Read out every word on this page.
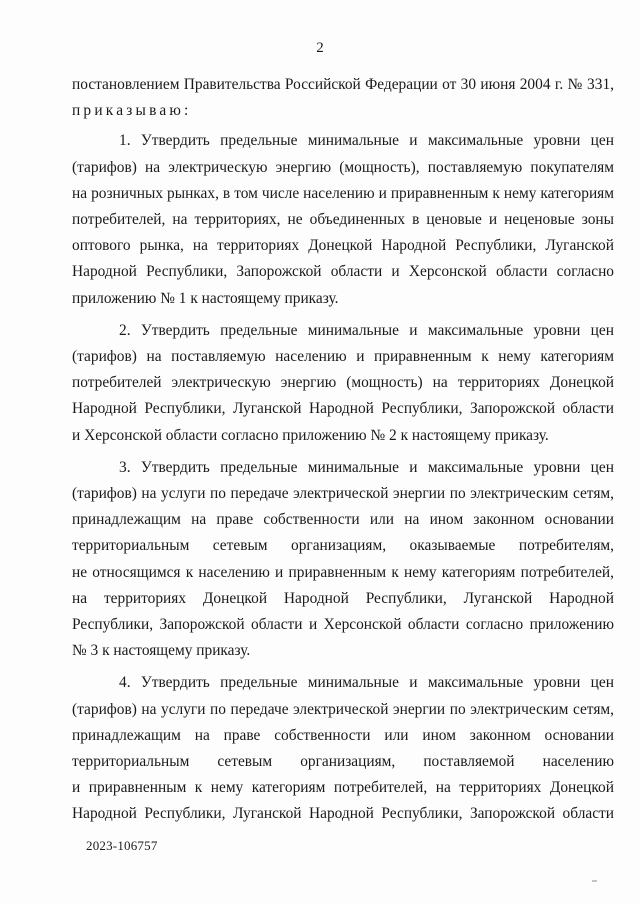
2
постановлением Правительства Российской Федерации от 30 июня 2004 г. № 331,
приказываю:
1. Утвердить предельные минимальные и максимальные уровни цен
(тарифов) на электрическую энергию (мощность), поставляемую покупателям
на розничных рынках, в том числе населению и приравненным к нему категориям
потребителей, на территориях, не объединенных в ценовые и неценовые зоны
оптового рынка, на территориях Донецкой Народной Республики, Луганской
Народной Республики, Запорожской области и Херсонской области согласно
приложению № 1 к настоящему приказу.
2. Утвердить предельные минимальные и максимальные уровни цен
(тарифов) на поставляемую населению и приравненным к нему категориям
потребителей электрическую энергию (мощность) на территориях Донецкой
Народной Республики, Луганской Народной Республики, Запорожской области
и Херсонской области согласно приложению № 2 к настоящему приказу.
3. Утвердить предельные минимальные и максимальные уровни цен
(тарифов) на услуги по передаче электрической энергии по электрическим сетям,
принадлежащим на праве собственности или на ином законном основании
территориальным сетевым организациям, оказываемые потребителям,
не относящимся к населению и приравненным к нему категориям потребителей,
на территориях Донецкой Народной Республики, Луганской Народной
Республики, Запорожской области и Херсонской области согласно приложению
№ 3 к настоящему приказу.
4. Утвердить предельные минимальные и максимальные уровни цен
(тарифов) на услуги по передаче электрической энергии по электрическим сетям,
принадлежащим на праве собственности или ином законном основании
территориальным сетевым организациям, поставляемой населению
и приравненным к нему категориям потребителей, на территориях Донецкой
Народной Республики, Луганской Народной Республики, Запорожской области
2023-106757
